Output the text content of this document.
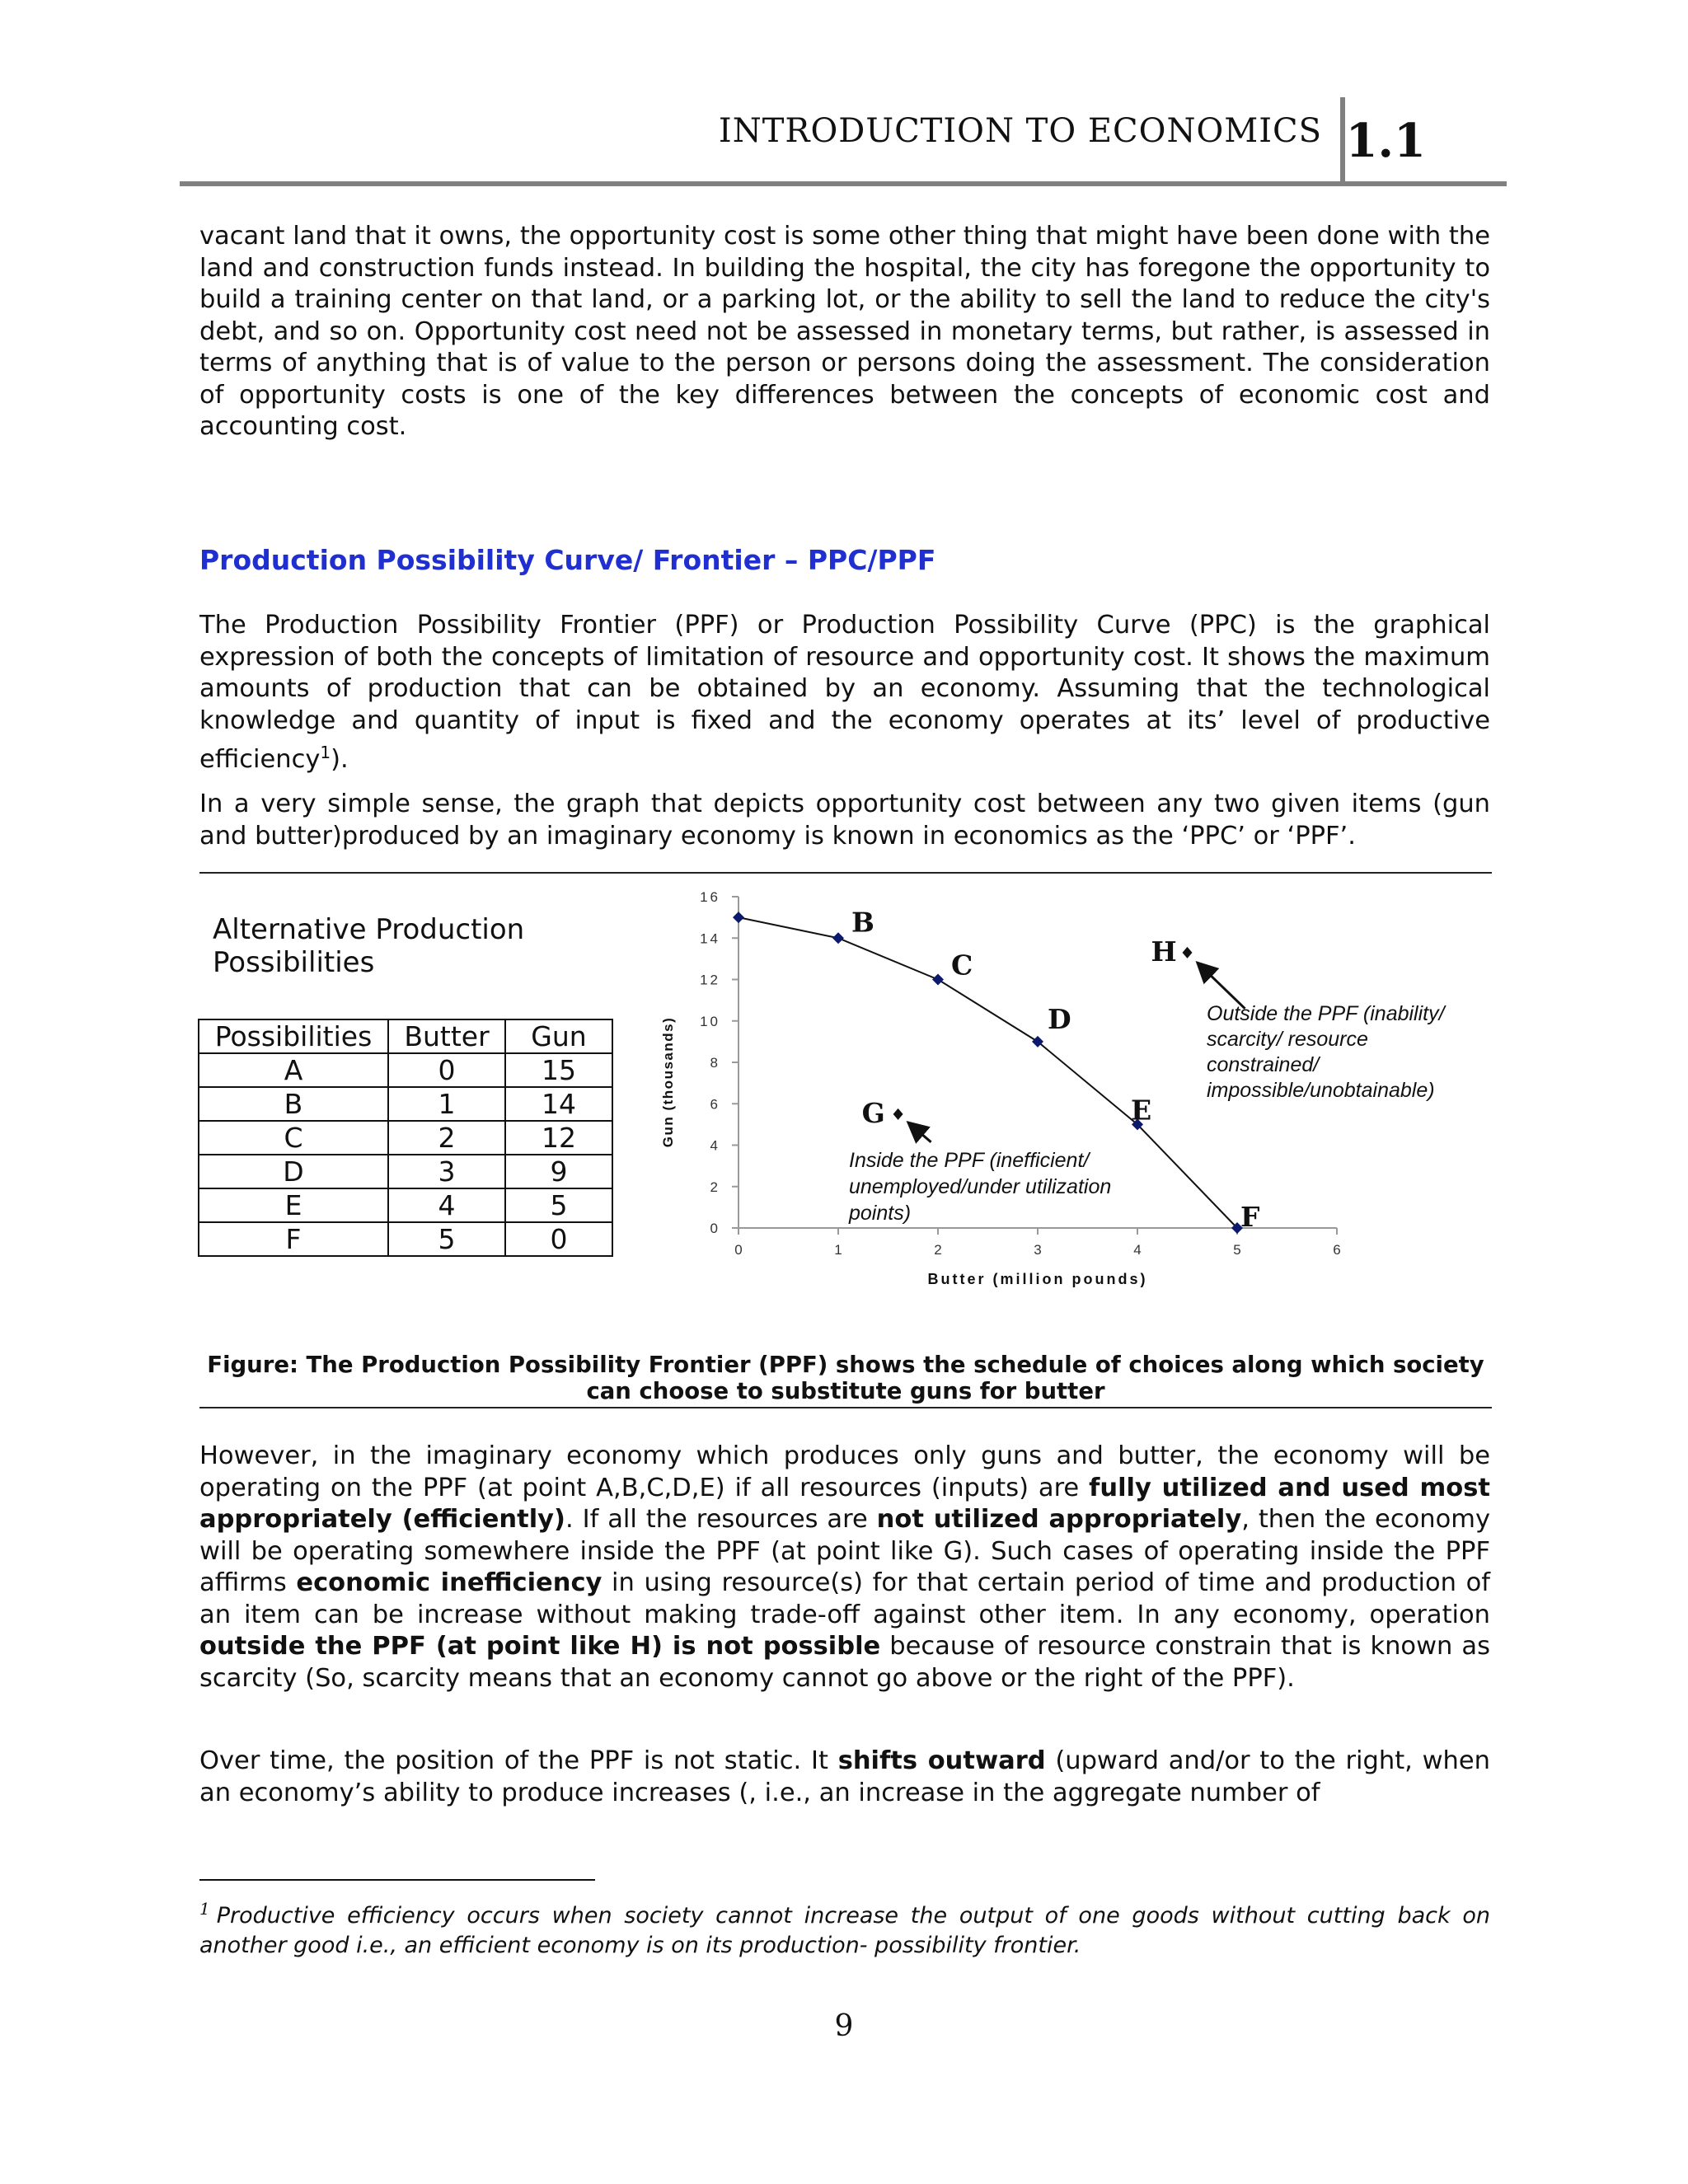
INTRODUCTION TO ECONOMICS 1.1

vacant land that it owns, the opportunity cost is some other thing that might have been done with the land and construction funds instead. In building the hospital, the city has foregone the opportunity to build a training center on that land, or a parking lot, or the ability to sell the land to reduce the city's debt, and so on. Opportunity cost need not be assessed in monetary terms, but rather, is assessed in terms of anything that is of value to the person or persons doing the assessment. The consideration of opportunity costs is one of the key differences between the concepts of economic cost and accounting cost.

Production Possibility Curve/ Frontier – PPC/PPF

The Production Possibility Frontier (PPF) or Production Possibility Curve (PPC) is the graphical expression of both the concepts of limitation of resource and opportunity cost. It shows the maximum amounts of production that can be obtained by an economy. Assuming that the technological knowledge and quantity of input is fixed and the economy operates at its’ level of productive efficiency$^1$).

In a very simple sense, the graph that depicts opportunity cost between any two given items (gun and butter)produced by an imaginary economy is known in economics as the ‘PPC’ or ‘PPF’.

Alternative Production
Possibilities

Possibilities	Butter	Gun
A	0	15
B	1	14
C	2	12
D	3	9
E	4	5
F	5	0	0
2
4
6
8
10
12
14
16
0	1	2	3	4	5	6
Butter (million pounds)
Gun (thousands)
B
C
D
E
F
G
H
Inside the PPF (inefficient/
unemployed/under utilization
points)
Outside the PPF (inability/
scarcity/ resource
constrained/
impossible/unobtainable)

Figure: The Production Possibility Frontier (PPF) shows the schedule of choices along which society can choose to substitute guns for butter

However, in the imaginary economy which produces only guns and butter, the economy will be operating on the PPF (at point A,B,C,D,E) if all resources (inputs) are fully utilized and used most appropriately (efficiently). If all the resources are not utilized appropriately, then the economy will be operating somewhere inside the PPF (at point like G). Such cases of operating inside the PPF affirms economic inefficiency in using resource(s) for that certain period of time and production of an item can be increase without making trade-off against other item. In any economy, operation outside the PPF (at point like H) is not possible because of resource constrain that is known as scarcity (So, scarcity means that an economy cannot go above or the right of the PPF).

Over time, the position of the PPF is not static. It shifts outward (upward and/or to the right, when an economy’s ability to produce increases (, i.e., an increase in the aggregate number of

$^1$ Productive efficiency occurs when society cannot increase the output of one goods without cutting back on another good i.e., an efficient economy is on its production- possibility frontier.

9
